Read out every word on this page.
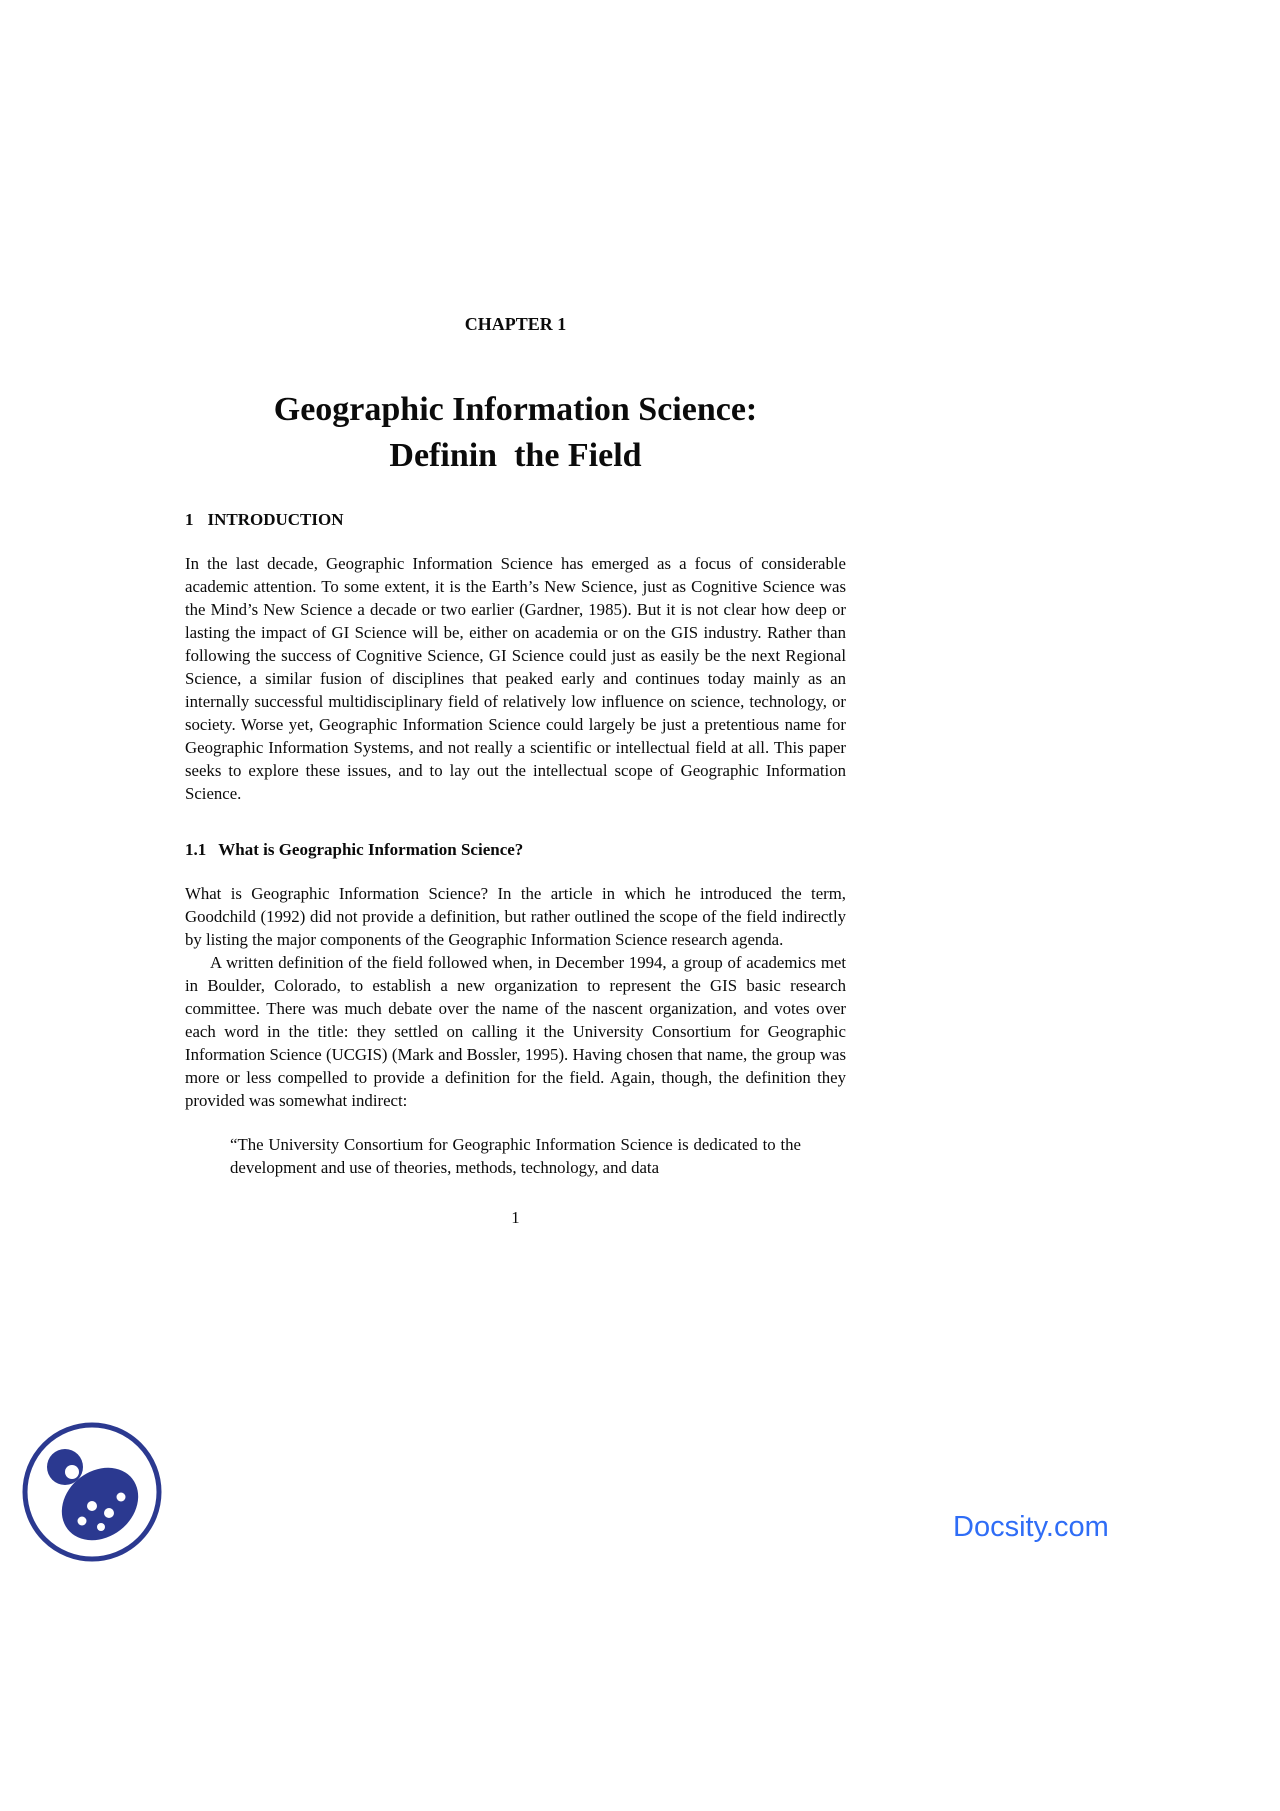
CHAPTER 1
Geographic Information Science:
Definin  the Field
1 INTRODUCTION

In the last decade, Geographic Information Science has emerged as a focus of considerable academic attention. To some extent, it is the Earth’s New Science, just as Cognitive Science was the Mind’s New Science a decade or two earlier (Gardner, 1985). But it is not clear how deep or lasting the impact of GI Science will be, either on academia or on the GIS industry. Rather than following the success of Cognitive Science, GI Science could just as easily be the next Regional Science, a similar fusion of disciplines that peaked early and continues today mainly as an internally successful multidisciplinary field of relatively low influence on science, technology, or society. Worse yet, Geographic Information Science could largely be just a pretentious name for Geographic Information Systems, and not really a scientific or intellectual field at all. This paper seeks to explore these issues, and to lay out the intellectual scope of Geographic Information Science.

1.1 What is Geographic Information Science?

What is Geographic Information Science? In the article in which he introduced the term, Goodchild (1992) did not provide a definition, but rather outlined the scope of the field indirectly by listing the major components of the Geographic Information Science research agenda.

A written definition of the field followed when, in December 1994, a group of academics met in Boulder, Colorado, to establish a new organization to represent the GIS basic research committee. There was much debate over the name of the nascent organization, and votes over each word in the title: they settled on calling it the University Consortium for Geographic Information Science (UCGIS) (Mark and Bossler, 1995). Having chosen that name, the group was more or less compelled to provide a definition for the field. Again, though, the definition they provided was somewhat indirect:

“The University Consortium for Geographic Information Science is dedicated to the development and use of theories, methods, technology, and data

1
Docsity.com
